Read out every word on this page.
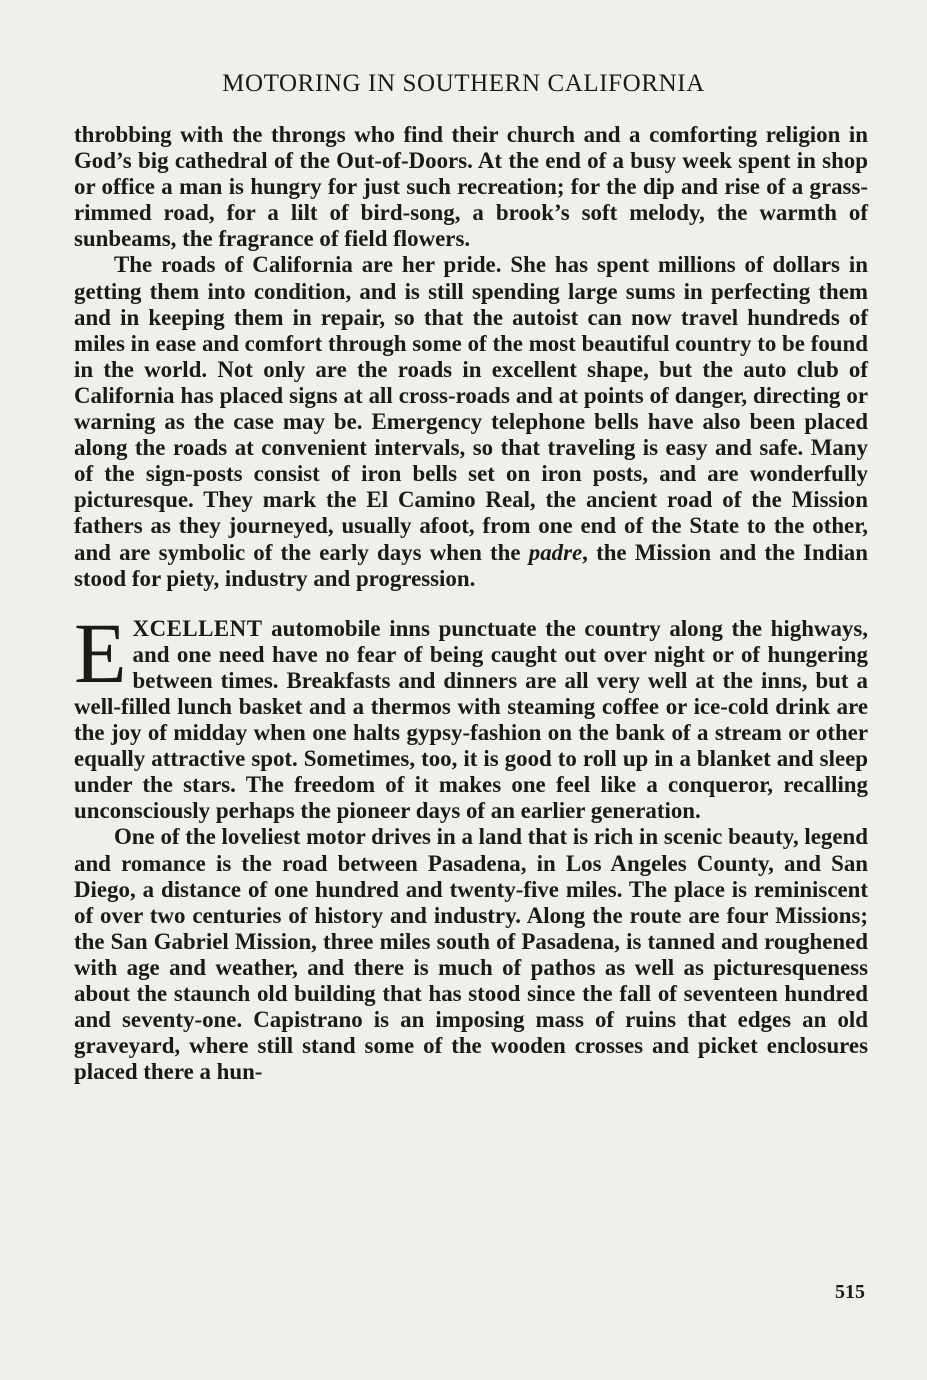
MOTORING IN SOUTHERN CALIFORNIA

throbbing with the throngs who find their church and a comforting religion in God’s big cathedral of the Out-of-Doors. At the end of a busy week spent in shop or office a man is hungry for just such recreation; for the dip and rise of a grass-rimmed road, for a lilt of bird-song, a brook’s soft melody, the warmth of sunbeams, the fragrance of field flowers.

The roads of California are her pride. She has spent millions of dollars in getting them into condition, and is still spending large sums in perfecting them and in keeping them in repair, so that the autoist can now travel hundreds of miles in ease and comfort through some of the most beautiful country to be found in the world. Not only are the roads in excellent shape, but the auto club of California has placed signs at all cross-roads and at points of danger, directing or warning as the case may be. Emergency telephone bells have also been placed along the roads at convenient intervals, so that traveling is easy and safe. Many of the sign-posts consist of iron bells set on iron posts, and are wonderfully picturesque. They mark the El Camino Real, the ancient road of the Mission fathers as they journeyed, usually afoot, from one end of the State to the other, and are symbolic of the early days when the padre, the Mission and the Indian stood for piety, industry and progression.

EXCELLENT automobile inns punctuate the country along the highways, and one need have no fear of being caught out over night or of hungering between times. Breakfasts and dinners are all very well at the inns, but a well-filled lunch basket and a thermos with steaming coffee or ice-cold drink are the joy of midday when one halts gypsy-fashion on the bank of a stream or other equally attractive spot. Sometimes, too, it is good to roll up in a blanket and sleep under the stars. The freedom of it makes one feel like a conqueror, recalling unconsciously perhaps the pioneer days of an earlier generation.

One of the loveliest motor drives in a land that is rich in scenic beauty, legend and romance is the road between Pasadena, in Los Angeles County, and San Diego, a distance of one hundred and twenty-five miles. The place is reminiscent of over two centuries of history and industry. Along the route are four Missions; the San Gabriel Mission, three miles south of Pasadena, is tanned and roughened with age and weather, and there is much of pathos as well as picturesqueness about the staunch old building that has stood since the fall of seventeen hundred and seventy-one. Capistrano is an imposing mass of ruins that edges an old graveyard, where still stand some of the wooden crosses and picket enclosures placed there a hun-

515
